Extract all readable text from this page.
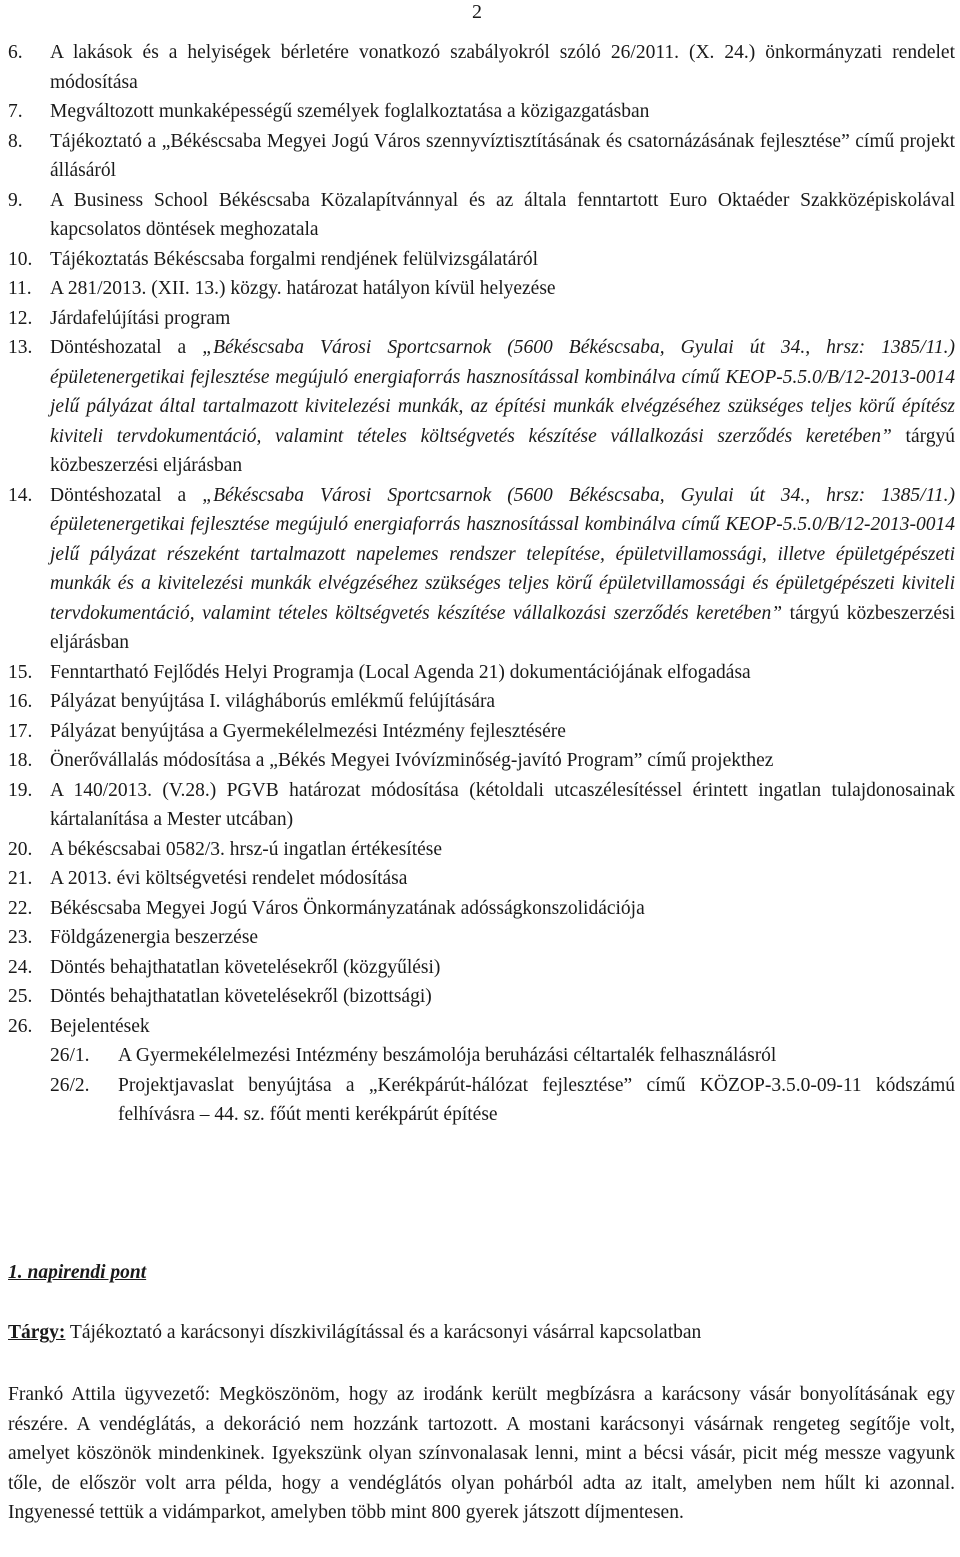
2
6.	A lakások és a helyiségek bérletére vonatkozó szabályokról szóló 26/2011. (X. 24.) önkormányzati rendelet módosítása
7.	Megváltozott munkaképességű személyek foglalkoztatása a közigazgatásban
8.	Tájékoztató a „Békéscsaba Megyei Jogú Város szennyvíztisztításának és csatornázásának fejlesztése” című projekt állásáról
9.	A Business School Békéscsaba Közalapítvánnyal és az általa fenntartott Euro Oktaéder Szakközépiskolával kapcsolatos döntések meghozatala
10. Tájékoztatás Békéscsaba forgalmi rendjének felülvizsgálatáról
11. A 281/2013. (XII. 13.) közgy. határozat hatályon kívül helyezése
12. Járdafelújítási program
13. Döntéshozatal a „Békéscsaba Városi Sportcsarnok (5600 Békéscsaba, Gyulai út 34., hrsz: 1385/11.) épületenergetikai fejlesztése megújuló energiaforrás hasznosítással kombinálva című KEOP-5.5.0/B/12-2013-0014 jelű pályázat által tartalmazott kivitelezési munkák, az építési munkák elvégzéséhez szükséges teljes körű építész kiviteli tervdokumentáció, valamint tételes költségvetés készítése vállalkozási szerződés keretében” tárgyú közbeszerzési eljárásban
14. Döntéshozatal a „Békéscsaba Városi Sportcsarnok (5600 Békéscsaba, Gyulai út 34., hrsz: 1385/11.) épületenergetikai fejlesztése megújuló energiaforrás hasznosítással kombinálva című KEOP-5.5.0/B/12-2013-0014 jelű pályázat részeként tartalmazott napelemes rendszer telepítése, épületvillamossági, illetve épületgépészeti munkák és a kivitelezési munkák elvégzéséhez szükséges teljes körű épületvillamossági és épületgépészeti kiviteli tervdokumentáció, valamint tételes költségvetés készítése vállalkozási szerződés keretében” tárgyú közbeszerzési eljárásban
15. Fenntartható Fejlődés Helyi Programja (Local Agenda 21) dokumentációjának elfogadása
16. Pályázat benyújtása I. világháborús emlékmű felújítására
17. Pályázat benyújtása a Gyermekélelmezési Intézmény fejlesztésére
18. Önerővállalás módosítása a „Békés Megyei Ivóvízminőség-javító Program” című projekthez
19. A 140/2013. (V.28.) PGVB határozat módosítása (kétoldali utcaszélesítéssel érintett ingatlan tulajdonosainak kártalanítása a Mester utcában)
20. A békéscsabai 0582/3. hrsz-ú ingatlan értékesítése
21. A 2013. évi költségvetési rendelet módosítása
22. Békéscsaba Megyei Jogú Város Önkormányzatának adósságkonszolidációja
23. Földgázenergia beszerzése
24. Döntés behajthatatlan követelésekről (közgyűlési)
25. Döntés behajthatatlan követelésekről (bizottsági)
26. Bejelentések
26/1.	A Gyermekélelmezési Intézmény beszámolója beruházási céltartalék felhasználásról
26/2.	Projektjavaslat benyújtása a „Kerékpárút-hálózat fejlesztése” című KÖZOP-3.5.0-09-11 kódszámú felhívásra – 44. sz. főút menti kerékpárút építése
1. napirendi pont
Tárgy: Tájékoztató a karácsonyi díszkivilágítással és a karácsonyi vásárral kapcsolatban
Frankó Attila ügyvezető: Megköszönöm, hogy az irodánk került megbízásra a karácsony vásár bonyolításának egy részére. A vendéglátás, a dekoráció nem hozzánk tartozott. A mostani karácsonyi vásárnak rengeteg segítője volt, amelyet köszönök mindenkinek. Igyekszünk olyan színvonalasak lenni, mint a bécsi vásár, picit még messze vagyunk tőle, de először volt arra példa, hogy a vendéglátós olyan pohárból adta az italt, amelyben nem hűlt ki azonnal. Ingyenessé tettük a vidámparkot, amelyben több mint 800 gyerek játszott díjmentesen.
